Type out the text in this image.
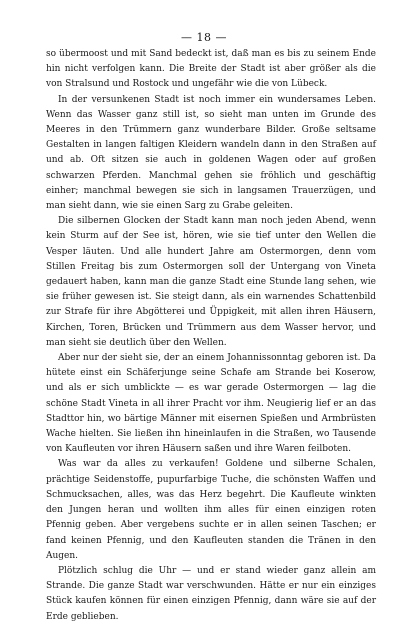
— 18 —

so übermoost und mit Sand bedeckt ist, daß man es bis zu seinem Ende hin nicht verfolgen kann. Die Breite der Stadt ist aber größer als die von Stralsund und Rostock und ungefähr wie die von Lübeck.

In der versunkenen Stadt ist noch immer ein wundersames Leben. Wenn das Wasser ganz still ist, so sieht man unten im Grunde des Meeres in den Trümmern ganz wunderbare Bilder. Große seltsame Gestalten in langen faltigen Kleidern wandeln dann in den Straßen auf und ab. Oft sitzen sie auch in goldenen Wagen oder auf großen schwarzen Pferden. Manchmal gehen sie fröhlich und geschäftig einher; manchmal bewegen sie sich in langsamen Trauerzügen, und man sieht dann, wie sie einen Sarg zu Grabe geleiten.

Die silbernen Glocken der Stadt kann man noch jeden Abend, wenn kein Sturm auf der See ist, hören, wie sie tief unter den Wellen die Vesper läuten. Und alle hundert Jahre am Ostermorgen, denn vom Stillen Freitag bis zum Ostermorgen soll der Untergang von Vineta gedauert haben, kann man die ganze Stadt eine Stunde lang sehen, wie sie früher gewesen ist. Sie steigt dann, als ein warnendes Schattenbild zur Strafe für ihre Abgötterei und Üppigkeit, mit allen ihren Häusern, Kirchen, Toren, Brücken und Trümmern aus dem Wasser hervor, und man sieht sie deutlich über den Wellen.

Aber nur der sieht sie, der an einem Johannissonntag geboren ist. Da hütete einst ein Schäferjunge seine Schafe am Strande bei Koserow, und als er sich umblickte — es war gerade Ostermorgen — lag die schöne Stadt Vineta in all ihrer Pracht vor ihm. Neugierig lief er an das Stadttor hin, wo bärtige Männer mit eisernen Spießen und Armbrüsten Wache hielten. Sie ließen ihn hineinlaufen in die Straßen, wo Tausende von Kaufleuten vor ihren Häusern saßen und ihre Waren feilboten.

Was war da alles zu verkaufen! Goldene und silberne Schalen, prächtige Seidenstoffe, pupurfarbige Tuche, die schönsten Waffen und Schmucksachen, alles, was das Herz begehrt. Die Kaufleute winkten den Jungen heran und wollten ihm alles für einen einzigen roten Pfennig geben. Aber vergebens suchte er in allen seinen Taschen; er fand keinen Pfennig, und den Kaufleuten standen die Tränen in den Augen.

Plötzlich schlug die Uhr — und er stand wieder ganz allein am Strande. Die ganze Stadt war verschwunden. Hätte er nur ein einziges Stück kaufen können für einen einzigen Pfennig, dann wäre sie auf der Erde geblieben.
